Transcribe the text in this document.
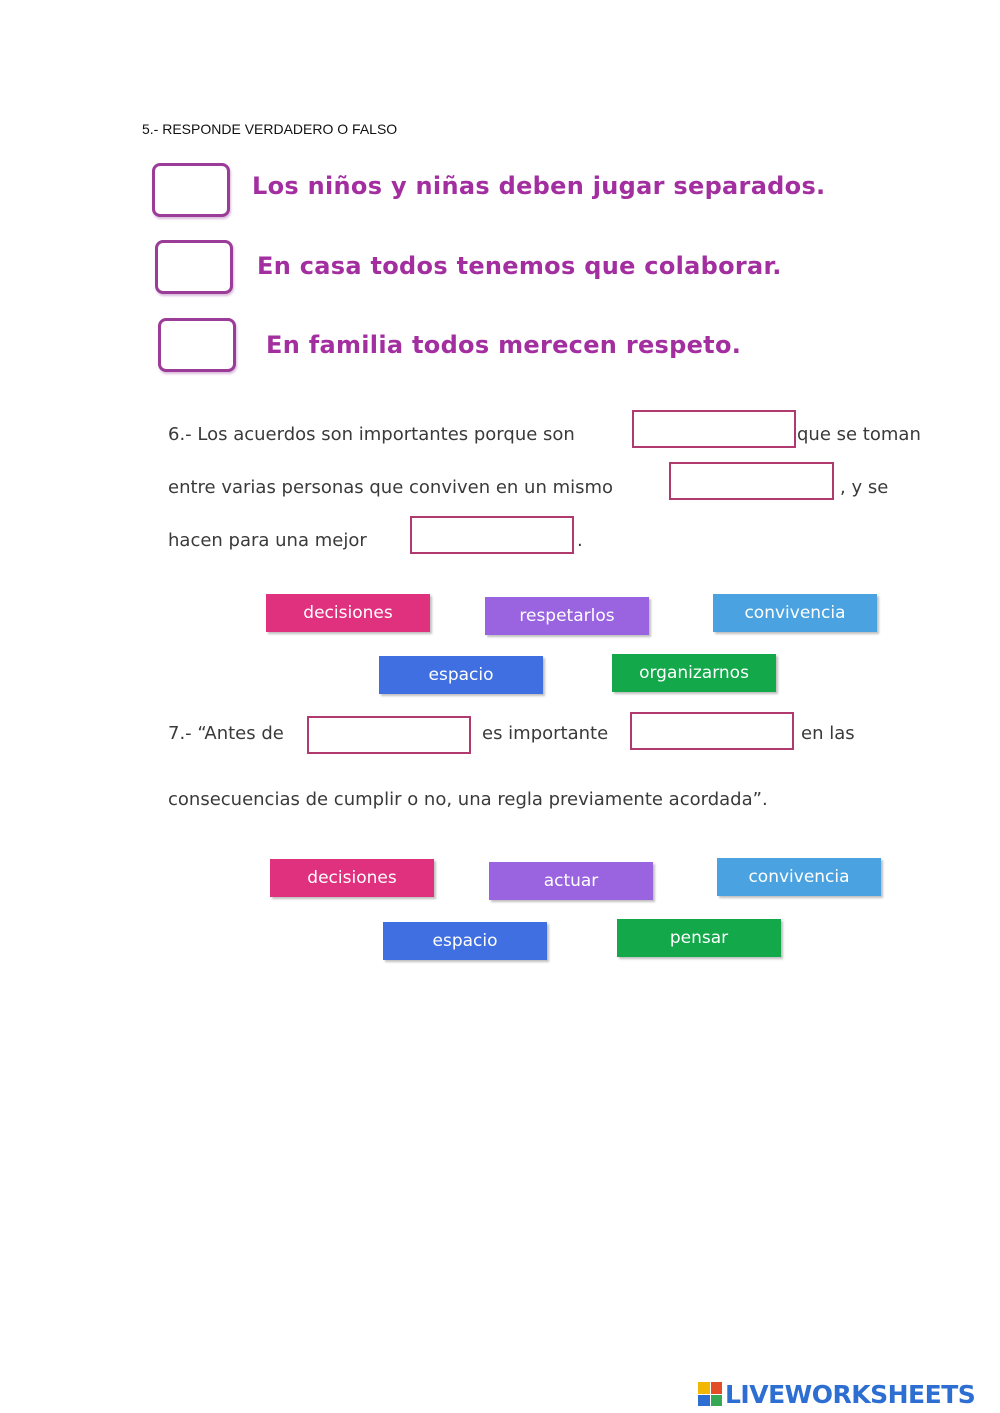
5.- RESPONDE VERDADERO O FALSO
Los niños y niñas deben jugar separados.
En casa todos tenemos que colaborar.
En familia todos merecen respeto.
6.- Los acuerdos son importantes porque son	que se toman
entre varias personas que conviven en un mismo	, y se
hacen para una mejor	.
decisiones	respetarlos	convivencia
espacio	organizarnos
7.- “Antes de	es importante	en las
consecuencias de cumplir o no, una regla previamente acordada”.
decisiones	actuar	convivencia
espacio	pensar
LIVEWORKSHEETS
